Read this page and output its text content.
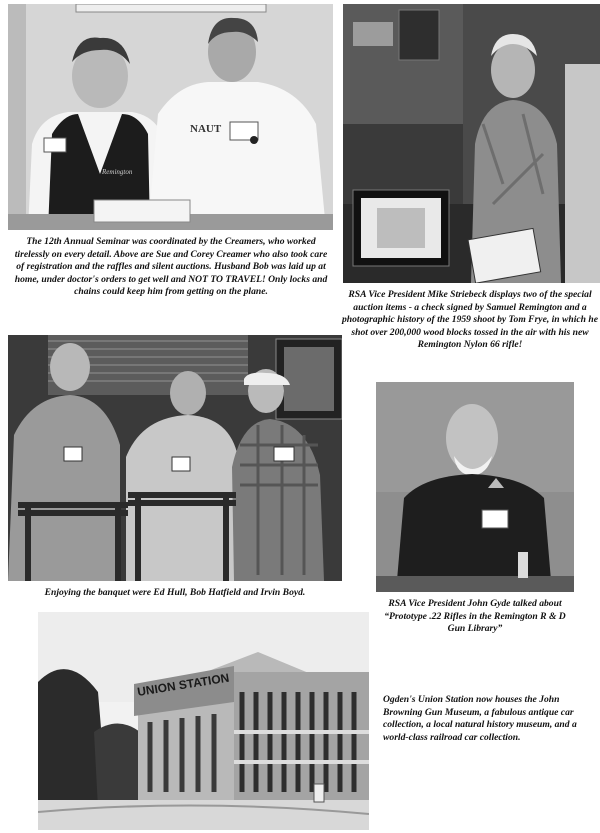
Remington
NAUT

The 12th Annual Seminar was coordinated by the Creamers, who worked tirelessly on every detail. Above are Sue and Corey Creamer who also took care of registration and the raffles and silent auctions. Husband Bob was laid up at home, under doctor's orders to get well and NOT TO TRAVEL! Only locks and chains could keep him from getting on the plane.	RSA Vice President Mike Striebeck displays two of the special auction items - a check signed by Samuel Remington and a photographic history of the 1959 shoot by Tom Frye, in which he shot over 200,000 wood blocks tossed in the air with his new Remington Nylon 66 rifle!

Enjoying the banquet were Ed Hull, Bob Hatfield and Irvin Boyd.

RSA Vice President John Gyde talked about “Prototype .22 Rifles in the Remington R & D Gun Library”

UNION STATION

Ogden's Union Station now houses the John Browning Gun Museum, a fabulous antique car collection, a local natural history museum, and a world-class railroad car collection.
